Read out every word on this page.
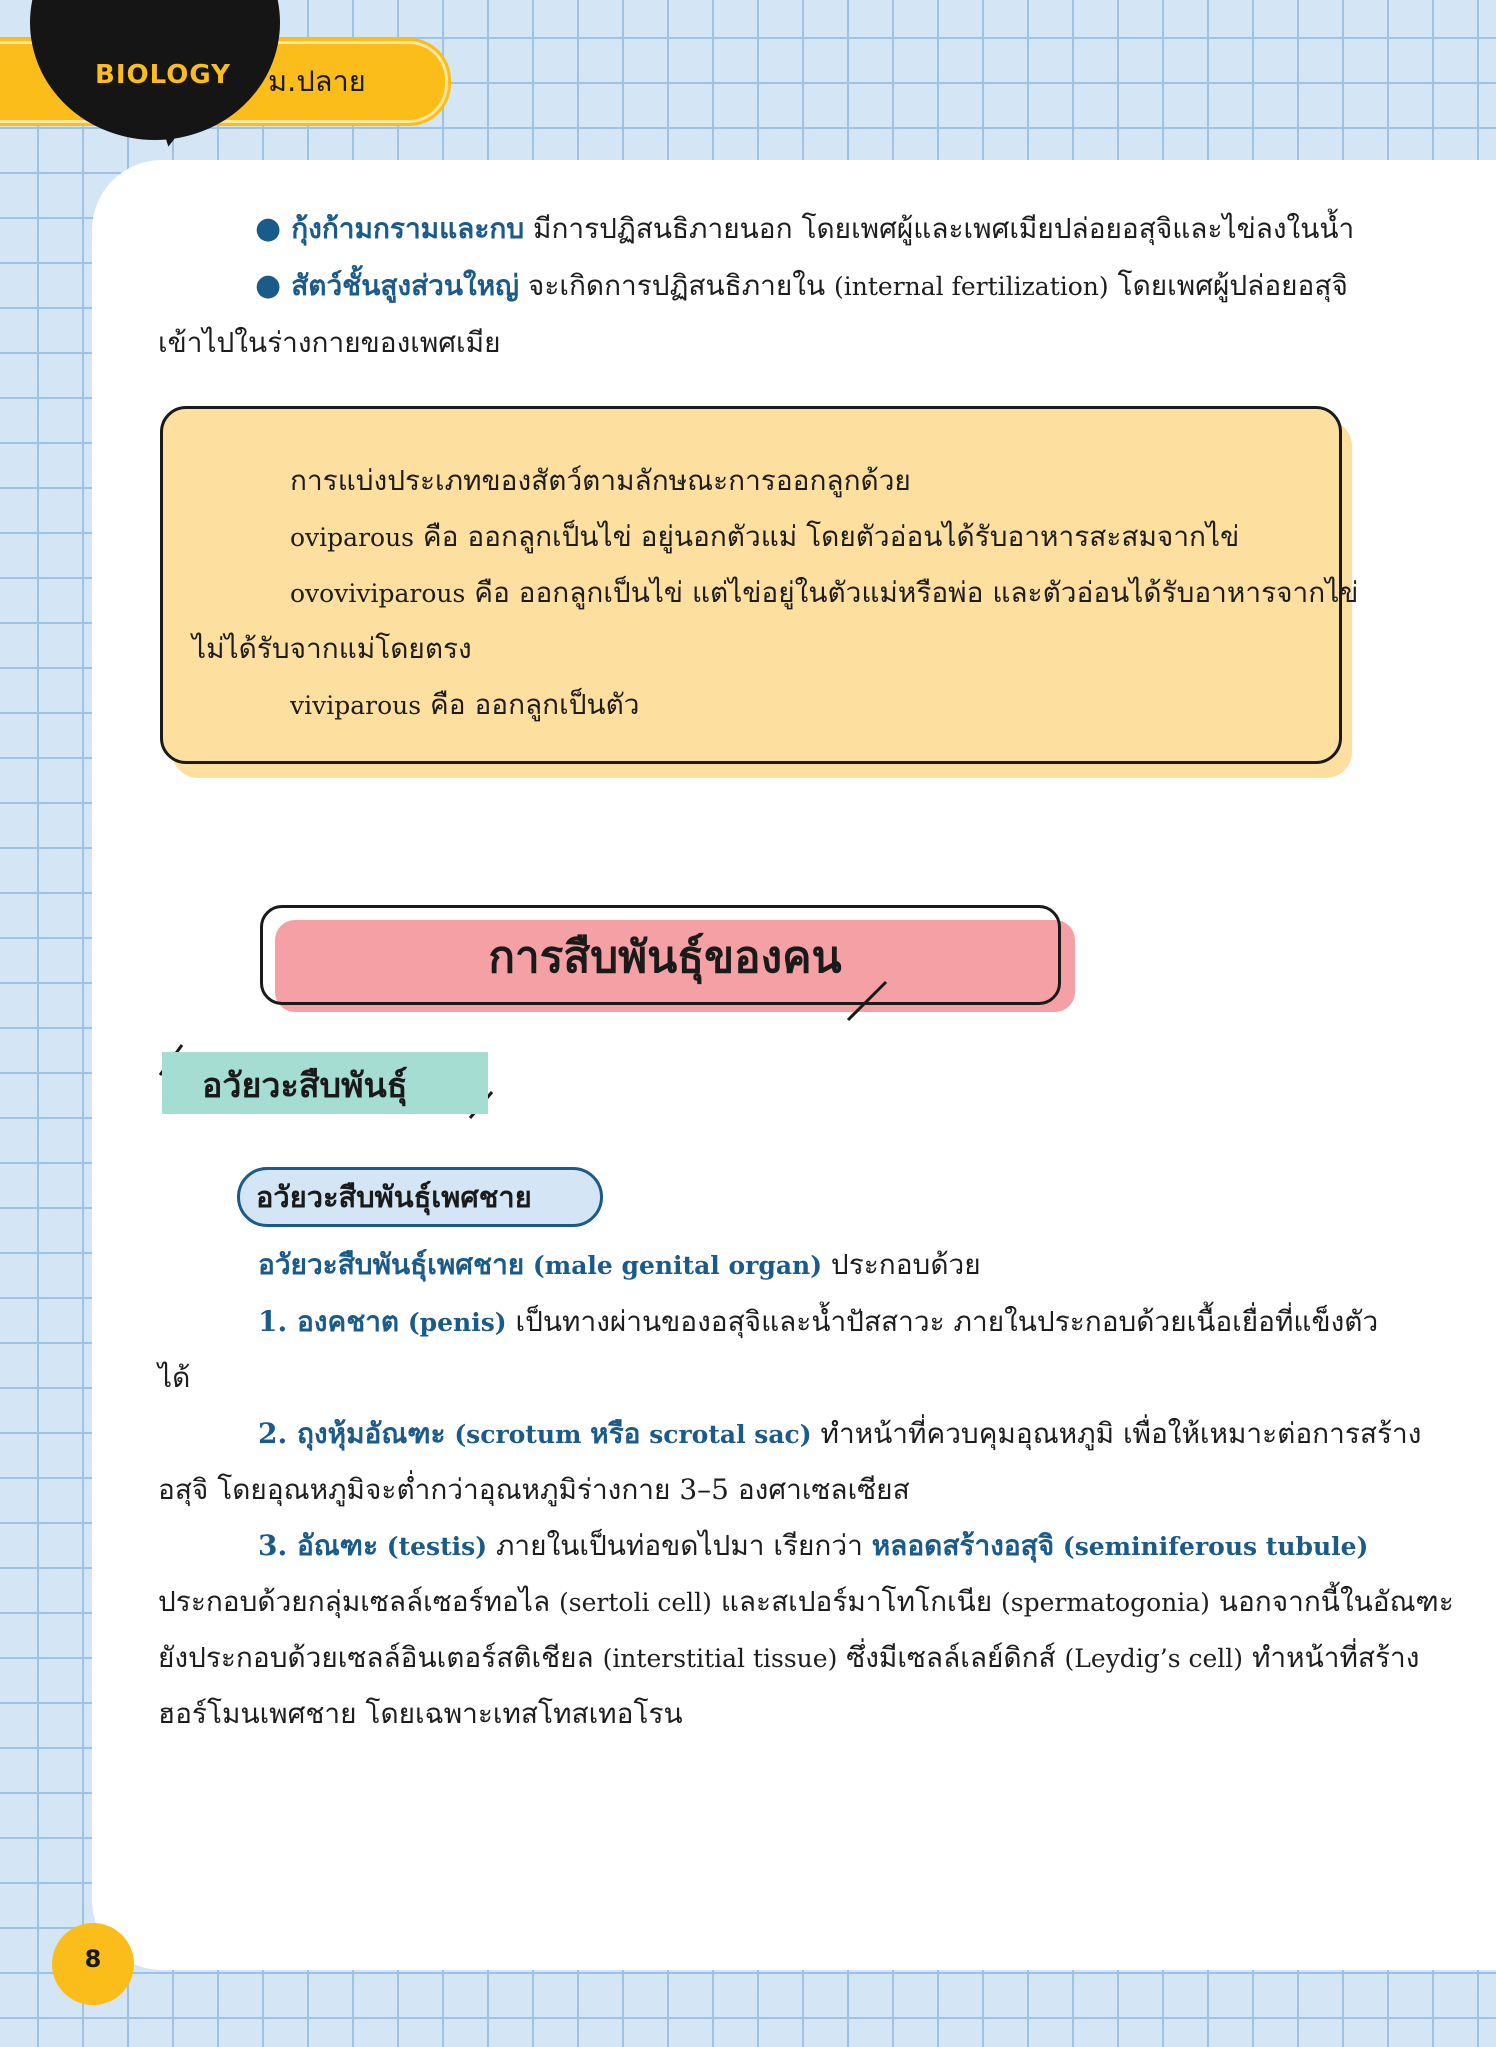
BIOLOGY ม.ปลาย
● กุ้งก้ามกรามและกบ มีการปฏิสนธิภายนอก โดยเพศผู้และเพศเมียปล่อยอสุจิและไข่ลงในน้ำ
● สัตว์ชั้นสูงส่วนใหญ่ จะเกิดการปฏิสนธิภายใน (internal fertilization) โดยเพศผู้ปล่อยอสุจิ
เข้าไปในร่างกายของเพศเมีย
การแบ่งประเภทของสัตว์ตามลักษณะการออกลูกด้วย
oviparous คือ ออกลูกเป็นไข่ อยู่นอกตัวแม่ โดยตัวอ่อนได้รับอาหารสะสมจากไข่
ovoviviparous คือ ออกลูกเป็นไข่ แต่ไข่อยู่ในตัวแม่หรือพ่อ และตัวอ่อนได้รับอาหารจากไข่
ไม่ได้รับจากแม่โดยตรง
viviparous คือ ออกลูกเป็นตัว
การสืบพันธุ์ของคน
อวัยวะสืบพันธุ์
อวัยวะสืบพันธุ์เพศชาย
อวัยวะสืบพันธุ์เพศชาย (male genital organ) ประกอบด้วย
1. องคชาต (penis) เป็นทางผ่านของอสุจิและน้ำปัสสาวะ ภายในประกอบด้วยเนื้อเยื่อที่แข็งตัว
ได้
2. ถุงหุ้มอัณฑะ (scrotum หรือ scrotal sac) ทำหน้าที่ควบคุมอุณหภูมิ เพื่อให้เหมาะต่อการสร้าง
อสุจิ โดยอุณหภูมิจะต่ำกว่าอุณหภูมิร่างกาย 3–5 องศาเซลเซียส
3. อัณฑะ (testis) ภายในเป็นท่อขดไปมา เรียกว่า หลอดสร้างอสุจิ (seminiferous tubule)
ประกอบด้วยกลุ่มเซลล์เซอร์ทอไล (sertoli cell) และสเปอร์มาโทโกเนีย (spermatogonia) นอกจากนี้ในอัณฑะ
ยังประกอบด้วยเซลล์อินเตอร์สติเชียล (interstitial tissue) ซึ่งมีเซลล์เลย์ดิกส์ (Leydig’s cell) ทำหน้าที่สร้าง
ฮอร์โมนเพศชาย โดยเฉพาะเทสโทสเทอโรน
8
